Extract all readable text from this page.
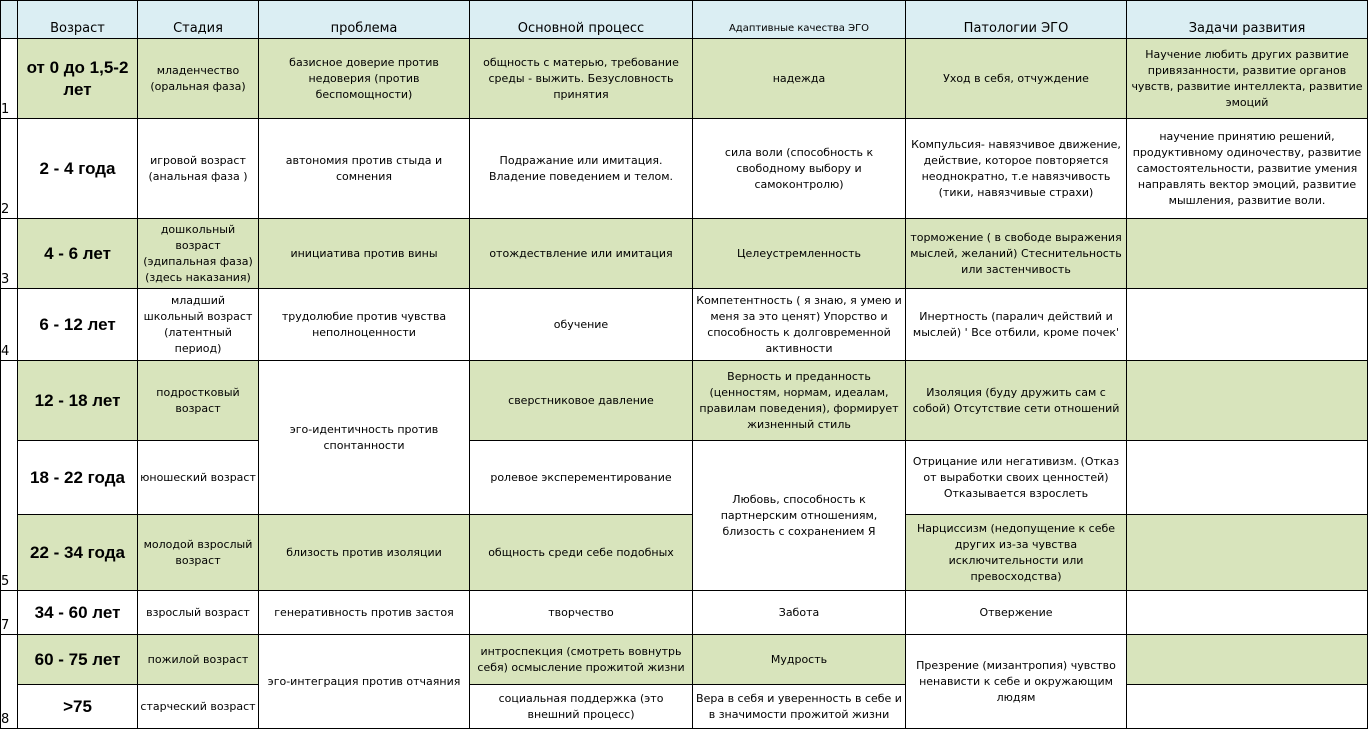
	Возраст	Стадия	проблема	Основной процесс	Адаптивные качества ЭГО	Патологии ЭГО	Задачи развития
1	от 0 до 1,5-2 лет	младенчество (оральная фаза)	базисное доверие против недоверия (против беспомощности)	общность с матерью, требование среды - выжить. Безусловность принятия	надежда	Уход в себя, отчуждение	Научение любить других развитие привязанности, развитие органов чувств, развитие интеллекта, развитие эмоций
2	2 - 4 года	игровой возраст (анальная фаза )	автономия против стыда и сомнения	Подражание или имитация. Владение поведением и телом.	сила воли (способность к свободному выбору и самоконтролю)	Компульсия- навязчивое движение, действие, которое повторяется неоднократно, т.е навязчивость (тики, навязчивые страхи)	научение принятию решений, продуктивному одиночеству, развитие самостоятельности, развитие умения направлять вектор эмоций, развитие мышления, развитие воли.
3	4 - 6 лет	дошкольный возраст (эдипальная фаза) (здесь наказания)	инициатива против вины	отождествление или имитация	Целеустремленность	торможение ( в свободе выражения мыслей, желаний) Стеснительность или застенчивость	
4	6 - 12 лет	младший школьный возраст (латентный период)	трудолюбие против чувства неполноценности	обучение	Компетентность ( я знаю, я умею и меня за это ценят) Упорство и способность к долговременной активности	Инертность (паралич действий и мыслей) ' Все отбили, кроме почек'	
5	12 - 18 лет	подростковый возраст	эго-идентичность против спонтанности	сверстниковое давление	Верность и преданность (ценностям, нормам, идеалам, правилам поведения), формирует жизненный стиль	Изоляция (буду дружить сам с собой) Отсутствие сети отношений	
	18 - 22 года	юношеский возраст		ролевое эксперементирование	Любовь, способность к партнерским отношениям, близость с сохранением Я	Отрицание или негативизм. (Отказ от выработки своих ценностей) Отказывается взрослеть	
	22 - 34 года	молодой взрослый возраст	близость против изоляции	общность среди себе подобных		Нарциссизм (недопущение к себе других из-за чувства исключительности или превосходства)	
7	34 - 60 лет	взрослый возраст	генеративность против застоя	творчество	Забота	Отвержение	
8	60 - 75 лет	пожилой возраст	эго-интеграция против отчаяния	интроспекция (смотреть вовнутрь себя) осмысление прожитой жизни	Мудрость	Презрение (мизантропия) чувство ненависти к себе и окружающим людям	
	>75	старческий возраст		социальная поддержка (это внешний процесс)	Вера в себя и уверенность в себе и в значимости прожитой жизни		
